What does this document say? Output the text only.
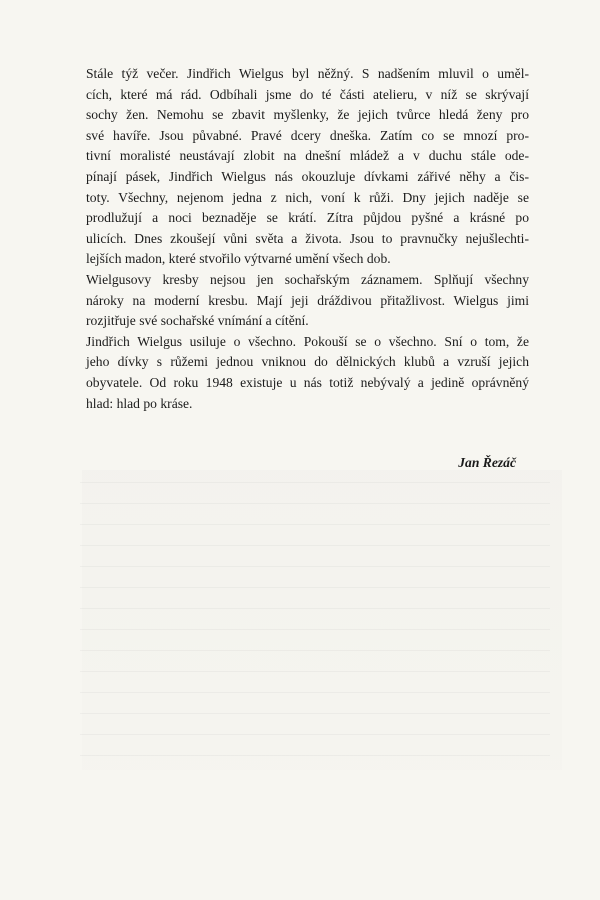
Stále týž večer. Jindřich Wielgus byl něžný. S nadšením mluvil o uměl-
cích, které má rád. Odbíhali jsme do té části atelieru, v níž se skrývají
sochy žen. Nemohu se zbavit myšlenky, že jejich tvůrce hledá ženy pro
své havíře. Jsou půvabné. Pravé dcery dneška. Zatím co se mnozí pro-
tivní moralisté neustávají zlobit na dnešní mládež a v duchu stále ode-
pínají pásek, Jindřich Wielgus nás okouzluje dívkami zářivé něhy a čis-
toty. Všechny, nejenom jedna z nich, voní k růži. Dny jejich naděje se
prodlužují a noci beznaděje se krátí. Zítra půjdou pyšné a krásné po
ulicích. Dnes zkoušejí vůni světa a života. Jsou to pravnučky nejušlechti-
lejších madon, které stvořilo výtvarné umění všech dob.
Wielgusovy kresby nejsou jen sochařským záznamem. Splňují všechny
nároky na moderní kresbu. Mají jeji dráždivou přitažlivost. Wielgus jimi
rozjitřuje své sochařské vnímání a cítění.
Jindřich Wielgus usiluje o všechno. Pokouší se o všechno. Sní o tom, že
jeho dívky s růžemi jednou vniknou do dělnických klubů a vzruší jejich
obyvatele. Od roku 1948 existuje u nás totiž nebývalý a jedině oprávněný
hlad: hlad po kráse.
Jan Řezáč
